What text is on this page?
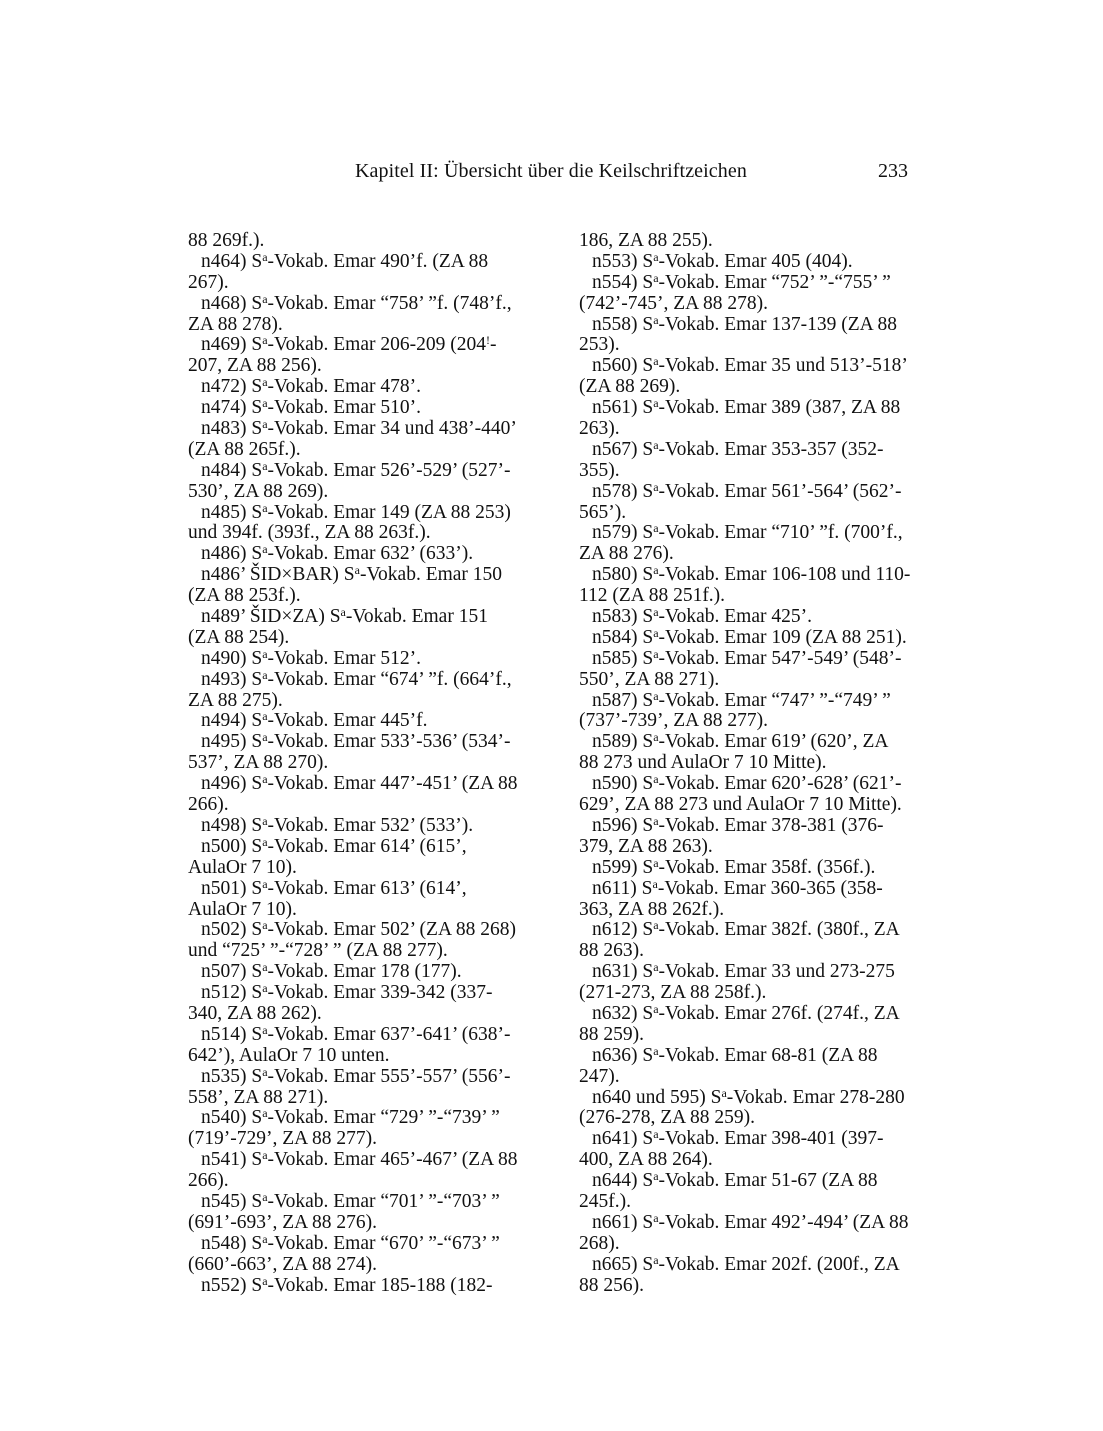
Kapitel II: Übersicht über die Keilschriftzeichen	233
88 269f.).
n464) $S^a$-Vokab. Emar 490’f. (ZA 88
267).
n468) $S^a$-Vokab. Emar “758’ ”f. (748’f.,
ZA 88 278).
n469) $S^a$-Vokab. Emar 206-209 (204!-
207, ZA 88 256).
n472) $S^a$-Vokab. Emar 478’.
n474) $S^a$-Vokab. Emar 510’.
n483) $S^a$-Vokab. Emar 34 und 438’-440’
(ZA 88 265f.).
n484) $S^a$-Vokab. Emar 526’-529’ (527’-
530’, ZA 88 269).
n485) $S^a$-Vokab. Emar 149 (ZA 88 253)
und 394f. (393f., ZA 88 263f.).
n486) $S^a$-Vokab. Emar 632’ (633’).
n486’ ŠID×BAR) $S^a$-Vokab. Emar 150
(ZA 88 253f.).
n489’ ŠID×ZA) $S^a$-Vokab. Emar 151
(ZA 88 254).
n490) $S^a$-Vokab. Emar 512’.
n493) $S^a$-Vokab. Emar “674’ ”f. (664’f.,
ZA 88 275).
n494) $S^a$-Vokab. Emar 445’f.
n495) $S^a$-Vokab. Emar 533’-536’ (534’-
537’, ZA 88 270).
n496) $S^a$-Vokab. Emar 447’-451’ (ZA 88
266).
n498) $S^a$-Vokab. Emar 532’ (533’).
n500) $S^a$-Vokab. Emar 614’ (615’,
AulaOr 7 10).
n501) $S^a$-Vokab. Emar 613’ (614’,
AulaOr 7 10).
n502) $S^a$-Vokab. Emar 502’ (ZA 88 268)
und “725’ ”-“728’ ” (ZA 88 277).
n507) $S^a$-Vokab. Emar 178 (177).
n512) $S^a$-Vokab. Emar 339-342 (337-
340, ZA 88 262).
n514) $S^a$-Vokab. Emar 637’-641’ (638’-
642’), AulaOr 7 10 unten.
n535) $S^a$-Vokab. Emar 555’-557’ (556’-
558’, ZA 88 271).
n540) $S^a$-Vokab. Emar “729’ ”-“739’ ”
(719’-729’, ZA 88 277).
n541) $S^a$-Vokab. Emar 465’-467’ (ZA 88
266).
n545) $S^a$-Vokab. Emar “701’ ”-“703’ ”
(691’-693’, ZA 88 276).
n548) $S^a$-Vokab. Emar “670’ ”-“673’ ”
(660’-663’, ZA 88 274).
n552) $S^a$-Vokab. Emar 185-188 (182-
186, ZA 88 255).
n553) $S^a$-Vokab. Emar 405 (404).
n554) $S^a$-Vokab. Emar “752’ ”-“755’ ”
(742’-745’, ZA 88 278).
n558) $S^a$-Vokab. Emar 137-139 (ZA 88
253).
n560) $S^a$-Vokab. Emar 35 und 513’-518’
(ZA 88 269).
n561) $S^a$-Vokab. Emar 389 (387, ZA 88
263).
n567) $S^a$-Vokab. Emar 353-357 (352-
355).
n578) $S^a$-Vokab. Emar 561’-564’ (562’-
565’).
n579) $S^a$-Vokab. Emar “710’ ”f. (700’f.,
ZA 88 276).
n580) $S^a$-Vokab. Emar 106-108 und 110-
112 (ZA 88 251f.).
n583) $S^a$-Vokab. Emar 425’.
n584) $S^a$-Vokab. Emar 109 (ZA 88 251).
n585) $S^a$-Vokab. Emar 547’-549’ (548’-
550’, ZA 88 271).
n587) $S^a$-Vokab. Emar “747’ ”-“749’ ”
(737’-739’, ZA 88 277).
n589) $S^a$-Vokab. Emar 619’ (620’, ZA
88 273 und AulaOr 7 10 Mitte).
n590) $S^a$-Vokab. Emar 620’-628’ (621’-
629’, ZA 88 273 und AulaOr 7 10 Mitte).
n596) $S^a$-Vokab. Emar 378-381 (376-
379, ZA 88 263).
n599) $S^a$-Vokab. Emar 358f. (356f.).
n611) $S^a$-Vokab. Emar 360-365 (358-
363, ZA 88 262f.).
n612) $S^a$-Vokab. Emar 382f. (380f., ZA
88 263).
n631) $S^a$-Vokab. Emar 33 und 273-275
(271-273, ZA 88 258f.).
n632) $S^a$-Vokab. Emar 276f. (274f., ZA
88 259).
n636) $S^a$-Vokab. Emar 68-81 (ZA 88
247).
n640 und 595) $S^a$-Vokab. Emar 278-280
(276-278, ZA 88 259).
n641) $S^a$-Vokab. Emar 398-401 (397-
400, ZA 88 264).
n644) $S^a$-Vokab. Emar 51-67 (ZA 88
245f.).
n661) $S^a$-Vokab. Emar 492’-494’ (ZA 88
268).
n665) $S^a$-Vokab. Emar 202f. (200f., ZA
88 256).
